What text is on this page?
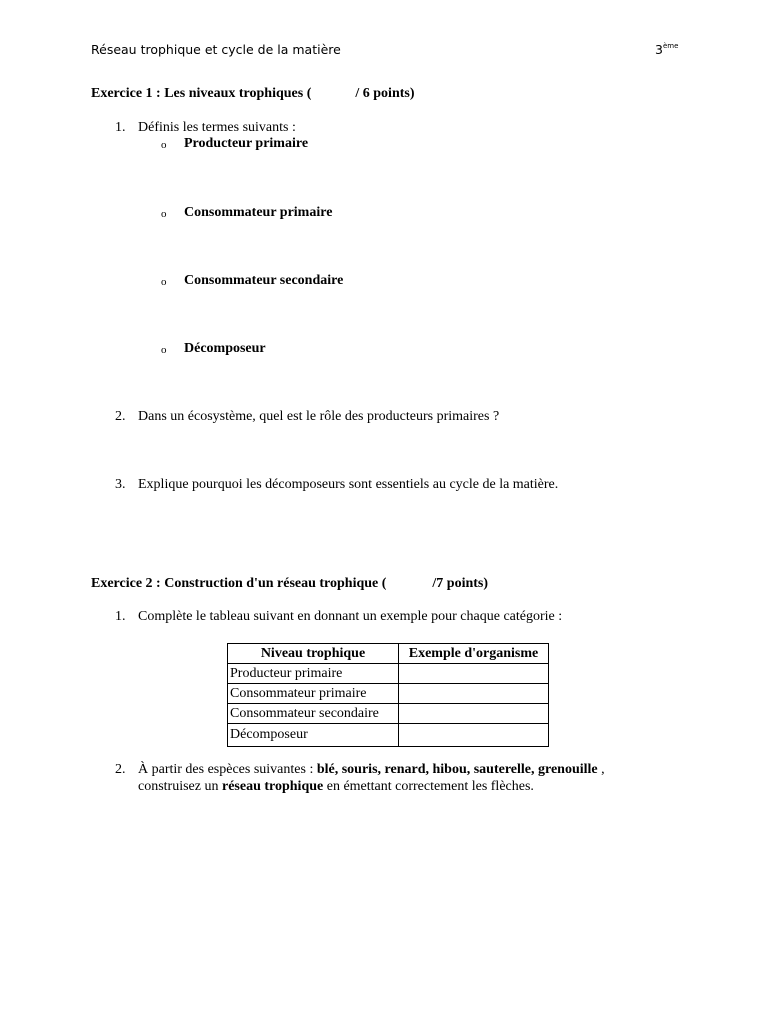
Réseau trophique et cycle de la matière	3ème
Exercice 1 : Les niveaux trophiques (	/ 6 points)
1. Définis les termes suivants :
o Producteur primaire
o Consommateur primaire
o Consommateur secondaire
o Décomposeur
2. Dans un écosystème, quel est le rôle des producteurs primaires ?
3. Explique pourquoi les décomposeurs sont essentiels au cycle de la matière.
Exercice 2 : Construction d'un réseau trophique (	/7 points)
1. Complète le tableau suivant en donnant un exemple pour chaque catégorie :
Niveau trophique	Exemple d'organisme
Producteur primaire	
Consommateur primaire	
Consommateur secondaire	
Décomposeur	
2. À partir des espèces suivantes : blé, souris, renard, hibou, sauterelle, grenouille ,
construisez un réseau trophique en émettant correctement les flèches.
